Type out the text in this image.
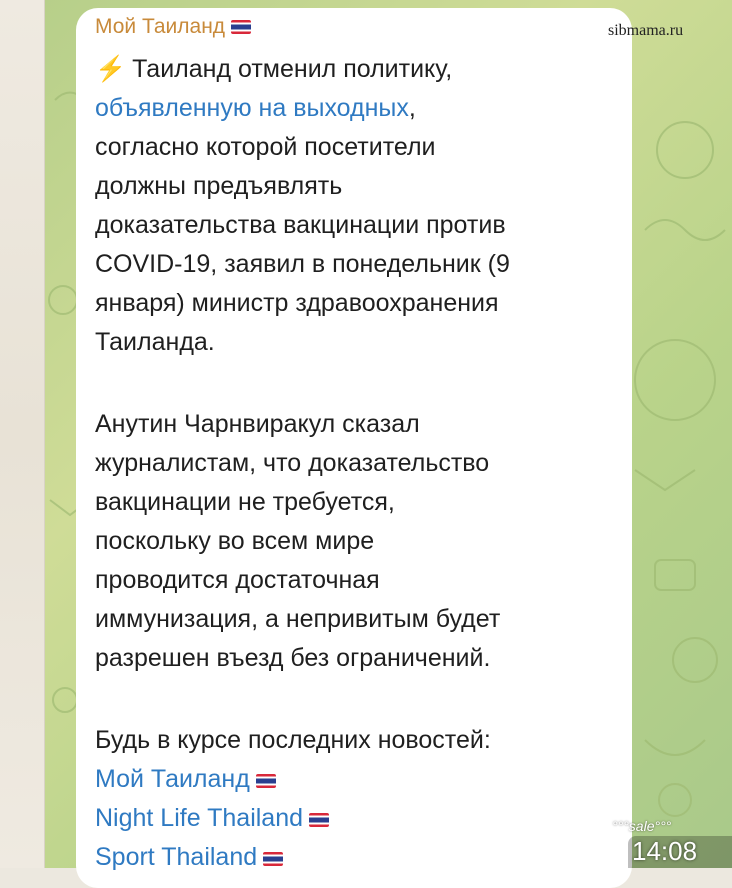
Мой Таиланд	sibmama.ru
⚡ Таиланд отменил политику,
объявленную на выходных,
согласно которой посетители
должны предъявлять
доказательства вакцинации против
COVID-19, заявил в понедельник (9
января) министр здравоохранения
Таиланда.
Анутин Чарнвиракул сказал
журналистам, что доказательство
вакцинации не требуется,
поскольку во всем мире
проводится достаточная
иммунизация, а непривитым будет
разрешен въезд без ограничений.
Будь в курсе последних новостей:
Мой Таиланд
Night Life Thailand
Sport Thailand
°°°sale°°°
14:08
